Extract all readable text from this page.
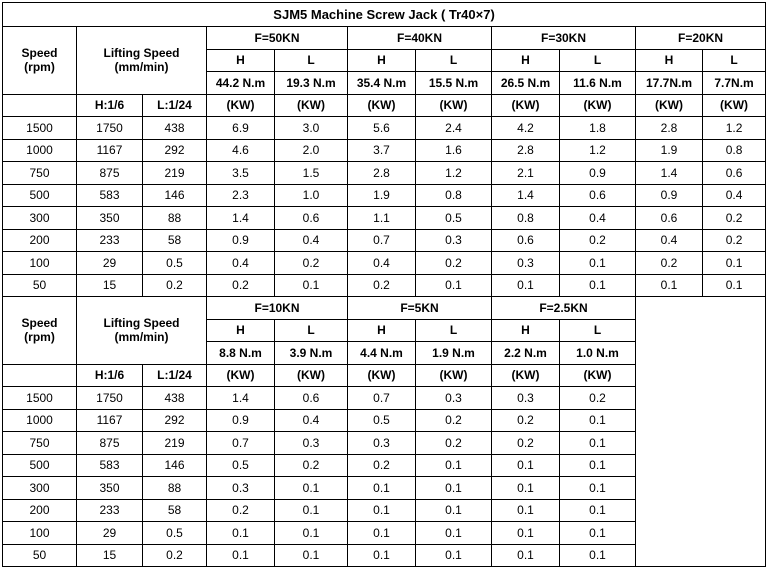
SJM5 Machine Screw Jack ( Tr40×7)										
Speed
(rpm)	Lifting Speed
(mm/min)		F=50KN		F=40KN		F=30KN		F=20KN	
			H	L	H	L	H	L	H	L
			44.2 N.m	19.3 N.m	35.4 N.m	15.5 N.m	26.5 N.m	11.6 N.m	17.7N.m	7.7N.m
	H:1/6	L:1/24	(KW)	(KW)	(KW)	(KW)	(KW)	(KW)	(KW)	(KW)
1500	1750	438	6.9	3.0	5.6	2.4	4.2	1.8	2.8	1.2
1000	1167	292	4.6	2.0	3.7	1.6	2.8	1.2	1.9	0.8
750	875	219	3.5	1.5	2.8	1.2	2.1	0.9	1.4	0.6
500	583	146	2.3	1.0	1.9	0.8	1.4	0.6	0.9	0.4
300	350	88	1.4	0.6	1.1	0.5	0.8	0.4	0.6	0.2
200	233	58	0.9	0.4	0.7	0.3	0.6	0.2	0.4	0.2
100	29	0.5	0.4	0.2	0.4	0.2	0.3	0.1	0.2	0.1
50	15	0.2	0.2	0.1	0.2	0.1	0.1	0.1	0.1	0.1
Speed
(rpm)	Lifting Speed
(mm/min)		F=10KN		F=5KN		F=2.5KN			
			H	L	H	L	H	L		
			8.8 N.m	3.9 N.m	4.4 N.m	1.9 N.m	2.2 N.m	1.0 N.m		
	H:1/6	L:1/24	(KW)	(KW)	(KW)	(KW)	(KW)	(KW)		
1500	1750	438	1.4	0.6	0.7	0.3	0.3	0.2		
1000	1167	292	0.9	0.4	0.5	0.2	0.2	0.1		
750	875	219	0.7	0.3	0.3	0.2	0.2	0.1		
500	583	146	0.5	0.2	0.2	0.1	0.1	0.1		
300	350	88	0.3	0.1	0.1	0.1	0.1	0.1		
200	233	58	0.2	0.1	0.1	0.1	0.1	0.1		
100	29	0.5	0.1	0.1	0.1	0.1	0.1	0.1		
50	15	0.2	0.1	0.1	0.1	0.1	0.1	0.1		
